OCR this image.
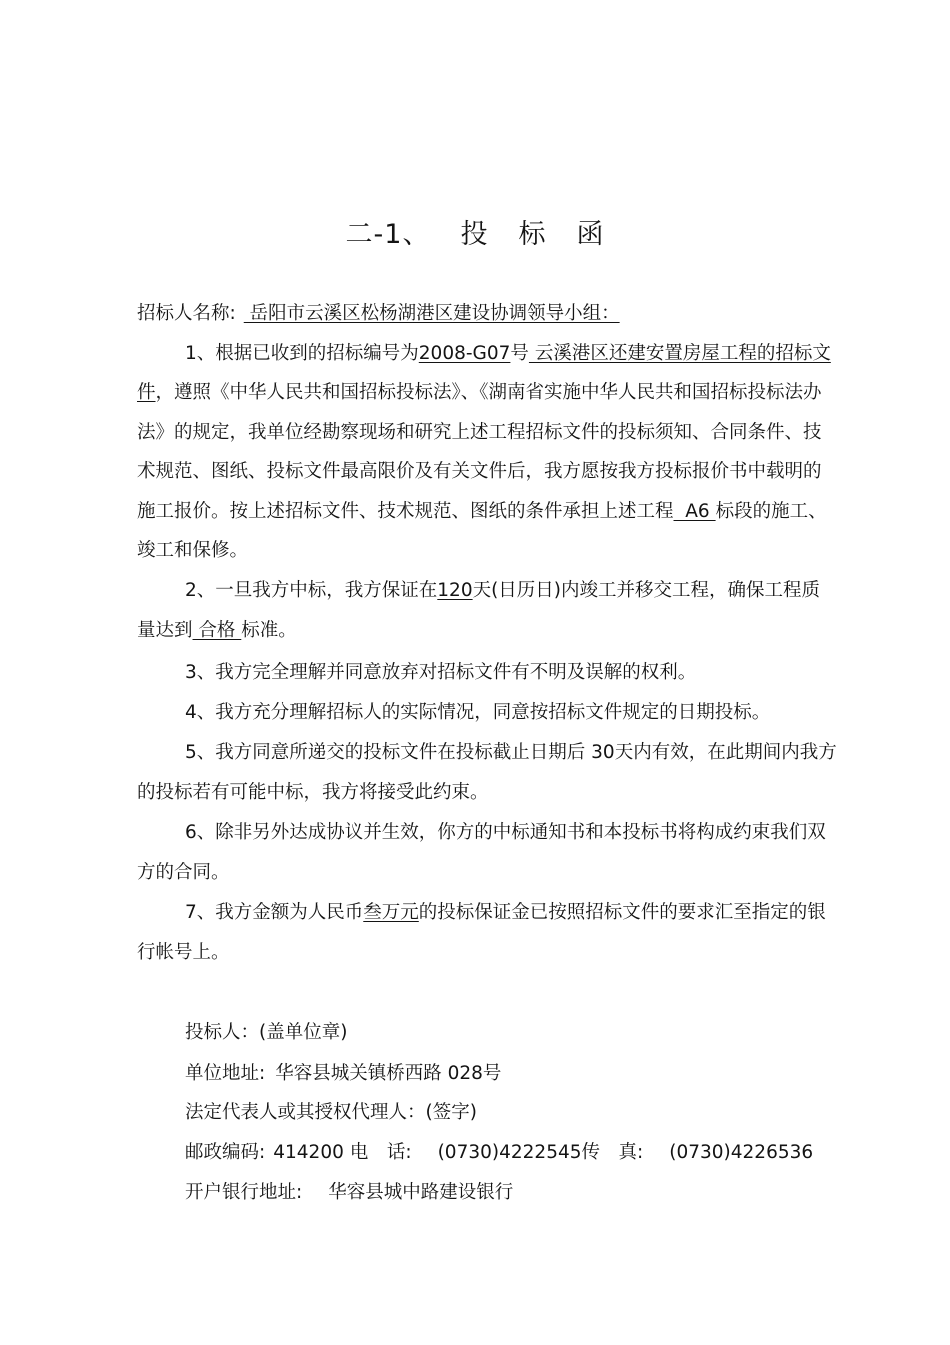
二-1、 投 标 函
招标人名称: 岳阳市云溪区松杨湖港区建设协调领导小组：
1、根据已收到的招标编号为2008-G07号 云溪港区还建安置房屋工程的招标文
件，遵照《中华人民共和国招标投标法》、《湖南省实施中华人民共和国招标投标法办
法》的规定，我单位经勘察现场和研究上述工程招标文件的投标须知、合同条件、技
术规范、图纸、投标文件最高限价及有关文件后，我方愿按我方投标报价书中载明的
施工报价。按上述招标文件、技术规范、图纸的条件承担上述工程  A6 标段的施工、
竣工和保修。
2、一旦我方中标，我方保证在120天(日历日)内竣工并移交工程，确保工程质
量达到 合格 标准。
3、我方完全理解并同意放弃对招标文件有不明及误解的权利。
4、我方充分理解招标人的实际情况，同意按招标文件规定的日期投标。
5、我方同意所递交的投标文件在投标截止日期后 30天内有效，在此期间内我方
的投标若有可能中标，我方将接受此约束。
6、除非另外达成协议并生效，你方的中标通知书和本投标书将构成约束我们双
方的合同。
7、我方金额为人民币叁万元的投标保证金已按照招标文件的要求汇至指定的银
行帐号上。
投标人：(盖单位章)
单位地址: 华容县城关镇桥西路 028号
法定代表人或其授权代理人：(签字)
邮政编码: 414200 电　话: (0730)4222545传　真: (0730)4226536
开户银行地址: 华容县城中路建设银行
